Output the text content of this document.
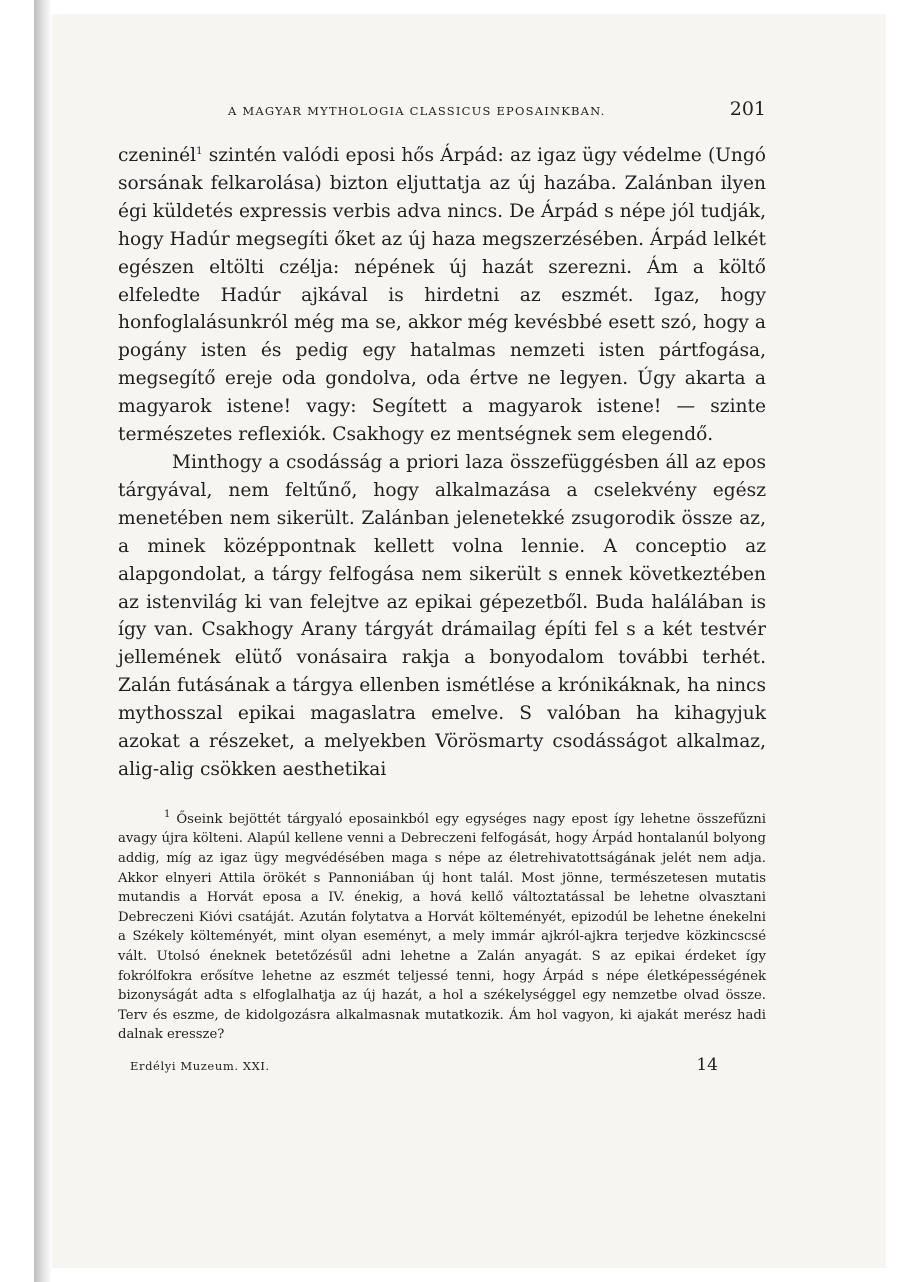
A MAGYAR MYTHOLOGIA CLASSICUS EPOSAINKBAN.	201

czeninél$^1$ szintén valódi eposi hős Árpád: az igaz ügy védelme (Ungó sorsának felkarolása) bizton eljuttatja az új hazába. Zalánban ilyen égi küldetés expressis verbis adva nincs. De Árpád s népe jól tudják, hogy Hadúr megsegíti őket az új haza megszerzésében. Árpád lelkét egészen eltölti czélja: népének új hazát szerezni. Ám a költő elfeledte Hadúr ajkával is hirdetni az eszmét. Igaz, hogy honfoglalásunkról még ma se, akkor még kevésbbé esett szó, hogy a pogány isten és pedig egy hatalmas nemzeti isten pártfogása, megsegítő ereje oda gondolva, oda értve ne legyen. Úgy akarta a magyarok istene! vagy: Segített a magyarok istene! — szinte természetes reflexiók. Csakhogy ez mentségnek sem elegendő.

Minthogy a csodásság a priori laza összefüggésben áll az epos tárgyával, nem feltűnő, hogy alkalmazása a cselekvény egész menetében nem sikerült. Zalánban jelenetekké zsugorodik össze az, a minek középpontnak kellett volna lennie. A conceptio az alapgondolat, a tárgy felfogása nem sikerült s ennek következtében az istenvilág ki van felejtve az epikai gépezetből. Buda halálában is így van. Csakhogy Arany tárgyát drámailag építi fel s a két testvér jellemének elütő vonásaira rakja a bonyodalom további terhét. Zalán futásának a tárgya ellenben ismétlése a krónikáknak, ha nincs mythosszal epikai magaslatra emelve. S valóban ha kihagyjuk azokat a részeket, a melyekben Vörösmarty csodásságot alkalmaz, alig-alig csökken aesthetikai

$^1$ Őseink bejöttét tárgyaló eposainkból egy egységes nagy epost így lehetne összefűzni avagy újra költeni. Alapúl kellene venni a Debreczeni felfogását, hogy Árpád hontalanúl bolyong addig, míg az igaz ügy megvédésében maga s népe az életrehivatottságának jelét nem adja. Akkor elnyeri Attila örökét s Pannoniában új hont talál. Most jönne, természetesen mutatis mutandis a Horvát eposa a IV. énekig, a hová kellő változtatással be lehetne olvasztani Debreczeni Kióvi csatáját. Azután folytatva a Horvát költeményét, epizodúl be lehetne énekelni a Székely költeményét, mint olyan eseményt, a mely immár ajkról-ajkra terjedve közkincscsé vált. Utolsó éneknek betetőzésűl adni lehetne a Zalán anyagát. S az epikai érdeket így fokrólfokra erősítve lehetne az eszmét teljessé tenni, hogy Árpád s népe életképességének bizonyságát adta s elfoglalhatja az új hazát, a hol a székelységgel egy nemzetbe olvad össze. Terv és eszme, de kidolgozásra alkalmasnak mutatkozik. Ám hol vagyon, ki ajakát merész hadi dalnak eressze?
Erdélyi Muzeum. XXI.	14
